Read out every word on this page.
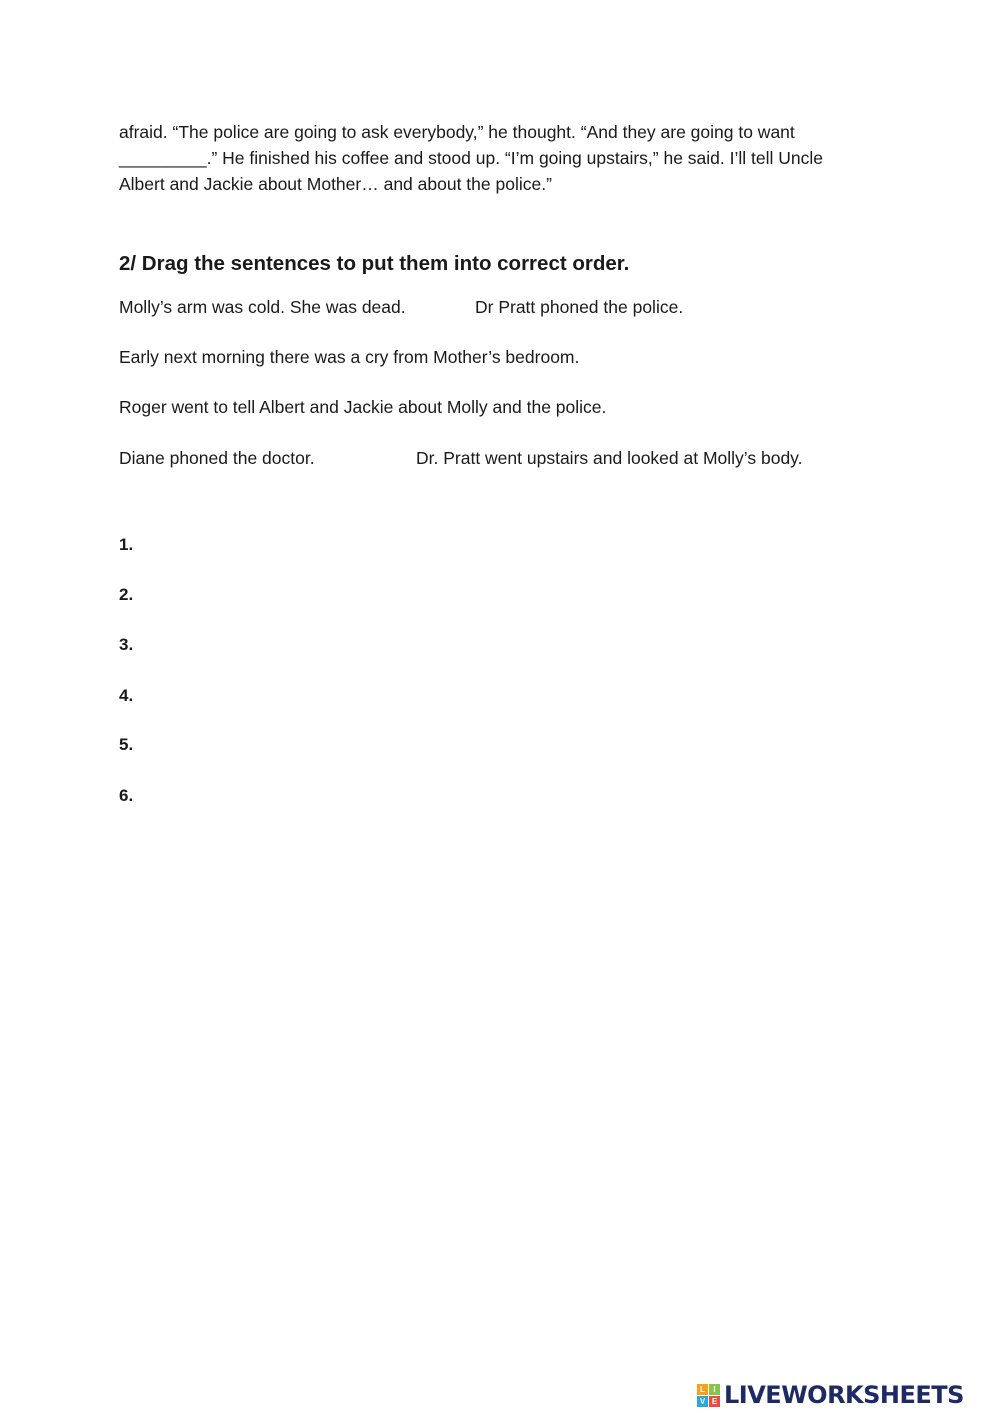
afraid. “The police are going to ask everybody,” he thought. “And they are going to want
_________.” He finished his coffee and stood up. “I’m going upstairs,” he said. I’ll tell Uncle
Albert and Jackie about Mother… and about the police.”
2/ Drag the sentences to put them into correct order.
Molly’s arm was cold. She was dead.	Dr Pratt phoned the police.
Early next morning there was a cry from Mother’s bedroom.
Roger went to tell Albert and Jackie about Molly and the police.
Diane phoned the doctor.	Dr. Pratt went upstairs and looked at Molly’s body.
1.
2.
3.
4.
5.
6.
L	I
V E LIVEWORKSHEETS
